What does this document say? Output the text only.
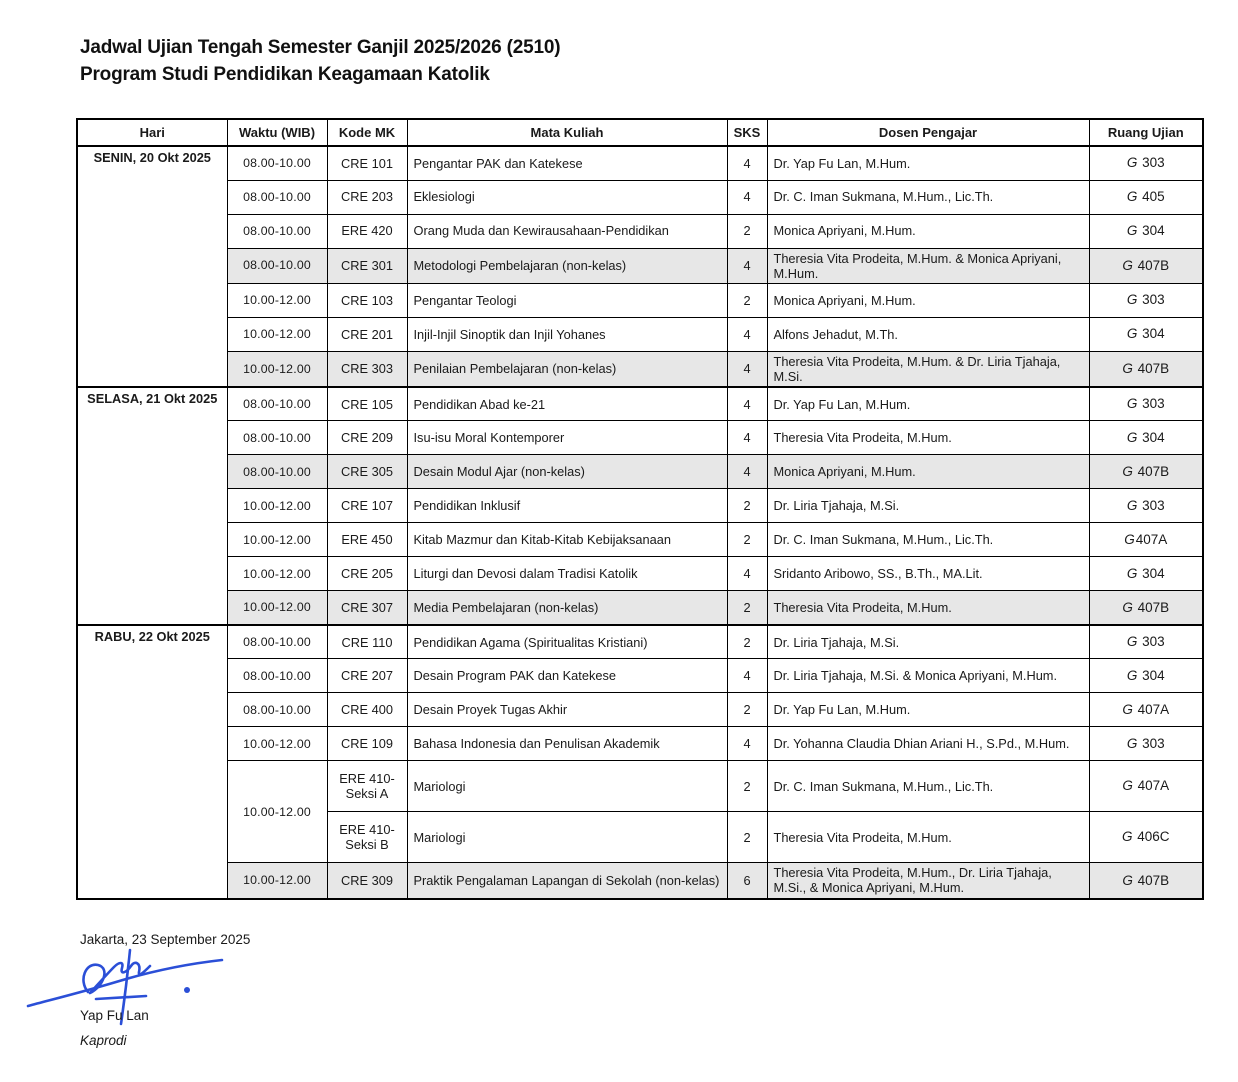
Jadwal Ujian Tengah Semester Ganjil 2025/2026 (2510)
Program Studi Pendidikan Keagamaan Katolik
Hari	Waktu (WIB)	Kode MK	Mata Kuliah	SKS	Dosen Pengajar	Ruang Ujian
SENIN, 20 Okt 2025	08.00-10.00	CRE 101	Pengantar PAK dan Katekese	4	Dr. Yap Fu Lan, M.Hum.	G 303
	08.00-10.00	CRE 203	Eklesiologi	4	Dr. C. Iman Sukmana, M.Hum., Lic.Th.	G 405
	08.00-10.00	ERE 420	Orang Muda dan Kewirausahaan-Pendidikan	2	Monica Apriyani, M.Hum.	G 304
	08.00-10.00	CRE 301	Metodologi Pembelajaran (non-kelas)	4	Theresia Vita Prodeita, M.Hum. & Monica Apriyani, M.Hum.	G 407B
	10.00-12.00	CRE 103	Pengantar Teologi	2	Monica Apriyani, M.Hum.	G 303
	10.00-12.00	CRE 201	Injil-Injil Sinoptik dan Injil Yohanes	4	Alfons Jehadut, M.Th.	G 304
	10.00-12.00	CRE 303	Penilaian Pembelajaran (non-kelas)	4	Theresia Vita Prodeita, M.Hum. & Dr. Liria Tjahaja, M.Si.	G 407B
SELASA, 21 Okt 2025	08.00-10.00	CRE 105	Pendidikan Abad ke-21	4	Dr. Yap Fu Lan, M.Hum.	G 303
	08.00-10.00	CRE 209	Isu-isu Moral Kontemporer	4	Theresia Vita Prodeita, M.Hum.	G 304
	08.00-10.00	CRE 305	Desain Modul Ajar (non-kelas)	4	Monica Apriyani, M.Hum.	G 407B
	10.00-12.00	CRE 107	Pendidikan Inklusif	2	Dr. Liria Tjahaja, M.Si.	G 303
	10.00-12.00	ERE 450	Kitab Mazmur dan Kitab-Kitab Kebijaksanaan	2	Dr. C. Iman Sukmana, M.Hum., Lic.Th.	G407A
	10.00-12.00	CRE 205	Liturgi dan Devosi dalam Tradisi Katolik	4	Sridanto Aribowo, SS., B.Th., MA.Lit.	G 304
	10.00-12.00	CRE 307	Media Pembelajaran (non-kelas)	2	Theresia Vita Prodeita, M.Hum.	G 407B
RABU, 22 Okt 2025	08.00-10.00	CRE 110	Pendidikan Agama (Spiritualitas Kristiani)	2	Dr. Liria Tjahaja, M.Si.	G 303
	08.00-10.00	CRE 207	Desain Program PAK dan Katekese	4	Dr. Liria Tjahaja, M.Si. & Monica Apriyani, M.Hum.	G 304
	08.00-10.00	CRE 400	Desain Proyek Tugas Akhir	2	Dr. Yap Fu Lan, M.Hum.	G 407A
	10.00-12.00	CRE 109	Bahasa Indonesia dan Penulisan Akademik	4	Dr. Yohanna Claudia Dhian Ariani H., S.Pd., M.Hum.	G 303
	10.00-12.00	ERE 410-Seksi A	Mariologi	2	Dr. C. Iman Sukmana, M.Hum., Lic.Th.	G 407A
		ERE 410-Seksi B	Mariologi	2	Theresia Vita Prodeita, M.Hum.	G 406C
	10.00-12.00	CRE 309	Praktik Pengalaman Lapangan di Sekolah (non-kelas)	6	Theresia Vita Prodeita, M.Hum., Dr. Liria Tjahaja, M.Si., & Monica Apriyani, M.Hum.	G 407B
Jakarta, 23 September 2025
Yap Fu Lan
Kaprodi
